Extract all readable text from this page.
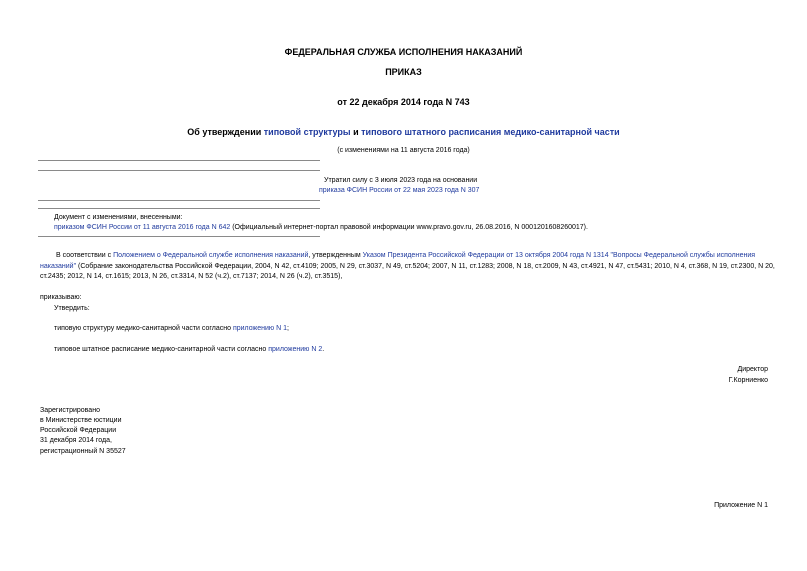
ФЕДЕРАЛЬНАЯ СЛУЖБА ИСПОЛНЕНИЯ НАКАЗАНИЙ
ПРИКАЗ
от 22 декабря 2014 года N 743
Об утверждении типовой структуры и типового штатного расписания медико-санитарной части
(с изменениями на 11 августа 2016 года)
Утратил силу с 3 июля 2023 года на основании
приказа ФСИН России от 22 мая 2023 года N 307
Документ с изменениями, внесенными:
приказом ФСИН России от 11 августа 2016 года N 642 (Официальный интернет-портал правовой информации www.pravo.gov.ru, 26.08.2016, N 0001201608260017).
В соответствии с Положением о Федеральной службе исполнения наказаний, утвержденным Указом Президента Российской Федерации от 13 октября 2004 года N 1314 "Вопросы Федеральной службы исполнения наказаний" (Собрание законодательства Российской Федерации, 2004, N 42, ст.4109; 2005, N 29, ст.3037, N 49, ст.5204; 2007, N 11, ст.1283; 2008, N 18, ст.2009, N 43, ст.4921, N 47, ст.5431; 2010, N 4, ст.368, N 19, ст.2300, N 20, ст.2435; 2012, N 14, ст.1615; 2013, N 26, ст.3314, N 52 (ч.2), ст.7137; 2014, N 26 (ч.2), ст.3515),
приказываю:
Утвердить:
типовую структуру медико-санитарной части согласно приложению N 1;
типовое штатное расписание медико-санитарной части согласно приложению N 2.
Директор
Г.Корниенко
Зарегистрировано
в Министерстве юстиции
Российской Федерации
31 декабря 2014 года,
регистрационный N 35527
Приложение N 1
